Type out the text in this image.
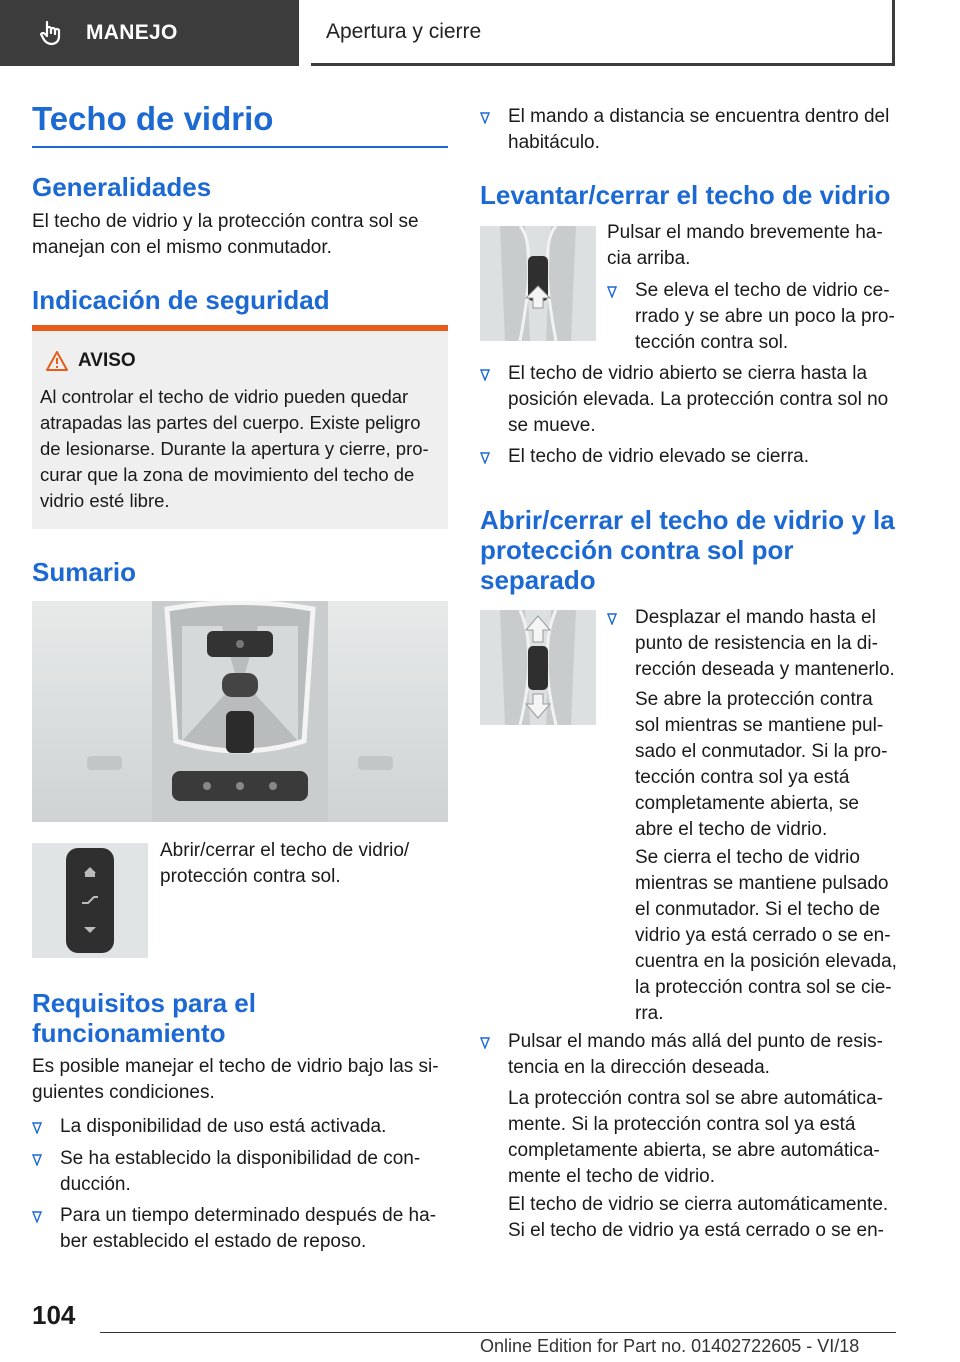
MANEJO	Apertura y cierre
Techo de vidrio
Generalidades
El techo de vidrio y la protección contra sol se
manejan con el mismo conmutador.
Indicación de seguridad
AVISO
Al controlar el techo de vidrio pueden quedar
atrapadas las partes del cuerpo. Existe peligro
de lesionarse. Durante la apertura y cierre, pro-
curar que la zona de movimiento del techo de
vidrio esté libre.
Sumario
Abrir/cerrar el techo de vidrio/
protección contra sol.
Requisitos para el
funcionamiento
Es posible manejar el techo de vidrio bajo las si-
guientes condiciones.
La disponibilidad de uso está activada.
Se ha establecido la disponibilidad de con-
ducción.
Para un tiempo determinado después de ha-
ber establecido el estado de reposo.
El mando a distancia se encuentra dentro del
habitáculo.
Levantar/cerrar el techo de vidrio
Pulsar el mando brevemente ha-
cia arriba.
Se eleva el techo de vidrio ce-
rrado y se abre un poco la pro-
tección contra sol.
El techo de vidrio abierto se cierra hasta la
posición elevada. La protección contra sol no
se mueve.
El techo de vidrio elevado se cierra.
Abrir/cerrar el techo de vidrio y la
protección contra sol por
separado
Desplazar el mando hasta el
punto de resistencia en la di-
rección deseada y mantenerlo.
Se abre la protección contra
sol mientras se mantiene pul-
sado el conmutador. Si la pro-
tección contra sol ya está
completamente abierta, se
abre el techo de vidrio.
Se cierra el techo de vidrio
mientras se mantiene pulsado
el conmutador. Si el techo de
vidrio ya está cerrado o se en-
cuentra en la posición elevada,
la protección contra sol se cie-
rra.
Pulsar el mando más allá del punto de resis-
tencia en la dirección deseada.
La protección contra sol se abre automática-
mente. Si la protección contra sol ya está
completamente abierta, se abre automática-
mente el techo de vidrio.
El techo de vidrio se cierra automáticamente.
Si el techo de vidrio ya está cerrado o se en-
104
Online Edition for Part no. 01402722605 - VI/18
